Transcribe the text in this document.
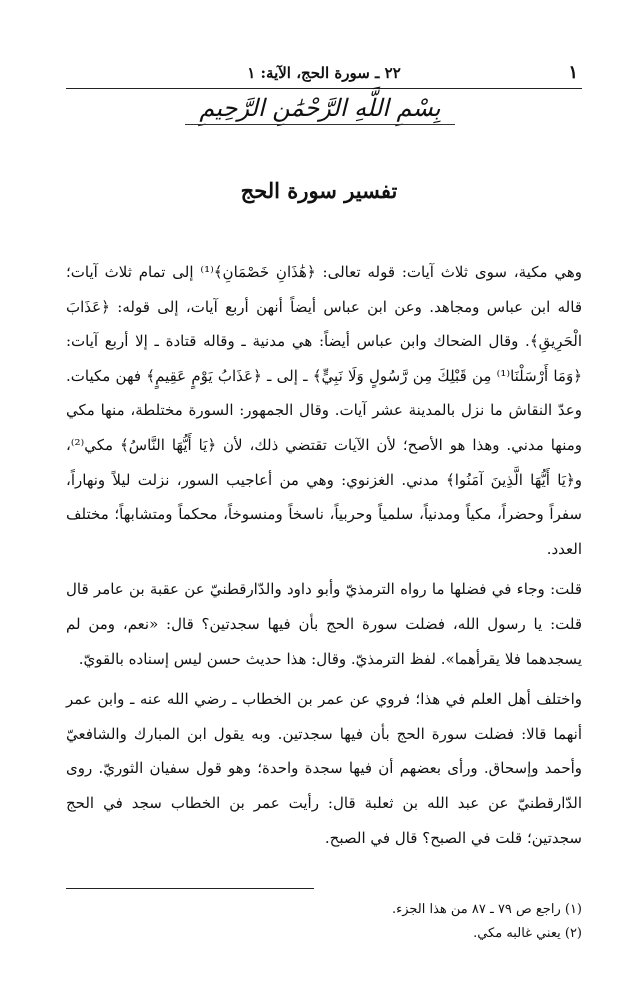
١
٢٢ ـ سورة الحج، الآية: ١
بِسْمِ اللَّهِ الرَّحْمَٰنِ الرَّحِيمِ
تفسير سورة الحج

وهي مكية، سوى ثلاث آيات: قوله تعالى: ﴿هَٰذَانِ خَصْمَانِ﴾⁽¹⁾ إلى تمام ثلاث آيات؛ قاله ابن عباس ومجاهد. وعن ابن عباس أيضاً أنهن أربع آيات، إلى قوله: ﴿عَذَابَ الْحَرِيقِ﴾. وقال الضحاك وابن عباس أيضاً: هي مدنية ـ وقاله قتادة ـ إلا أربع آيات: ﴿وَمَا أَرْسَلْنَا⁽¹⁾ مِن قَبْلِكَ مِن رَّسُولٍ وَلَا نَبِيٍّ﴾ ـ إلى ـ ﴿عَذَابُ يَوْمٍ عَقِيمٍ﴾ فهن مكيات. وعدّ النقاش ما نزل بالمدينة عشر آيات. وقال الجمهور: السورة مختلطة، منها مكي ومنها مدني. وهذا هو الأصح؛ لأن الآيات تقتضي ذلك، لأن ﴿يَا أَيُّهَا النَّاسُ﴾ مكي⁽²⁾، و﴿يَا أَيُّهَا الَّذِينَ آمَنُوا﴾ مدني. الغزنوي: وهي من أعاجيب السور، نزلت ليلاً ونهاراً، سفراً وحضراً، مكياً ومدنياً، سلمياً وحربياً، ناسخاً ومنسوخاً، محكماً ومتشابهاً؛ مختلف العدد.

قلت: وجاء في فضلها ما رواه الترمذيّ وأبو داود والدّارقطنيّ عن عقبة بن عامر قال قلت: يا رسول الله، فضلت سورة الحج بأن فيها سجدتين؟ قال: «نعم، ومن لم يسجدهما فلا يقرأهما». لفظ الترمذيّ. وقال: هذا حديث حسن ليس إسناده بالقويّ.

واختلف أهل العلم في هذا؛ فروي عن عمر بن الخطاب ـ رضي الله عنه ـ وابن عمر أنهما قالا: فضلت سورة الحج بأن فيها سجدتين. وبه يقول ابن المبارك والشافعيّ وأحمد وإسحاق. ورأى بعضهم أن فيها سجدة واحدة؛ وهو قول سفيان الثوريّ. روى الدّارقطنيّ عن عبد الله بن ثعلبة قال: رأيت عمر بن الخطاب سجد في الحج سجدتين؛ قلت في الصبح؟ قال في الصبح.

(١) راجع ص ٧٩ ـ ٨٧ من هذا الجزء.
(٢) يعني غالبه مكي.
